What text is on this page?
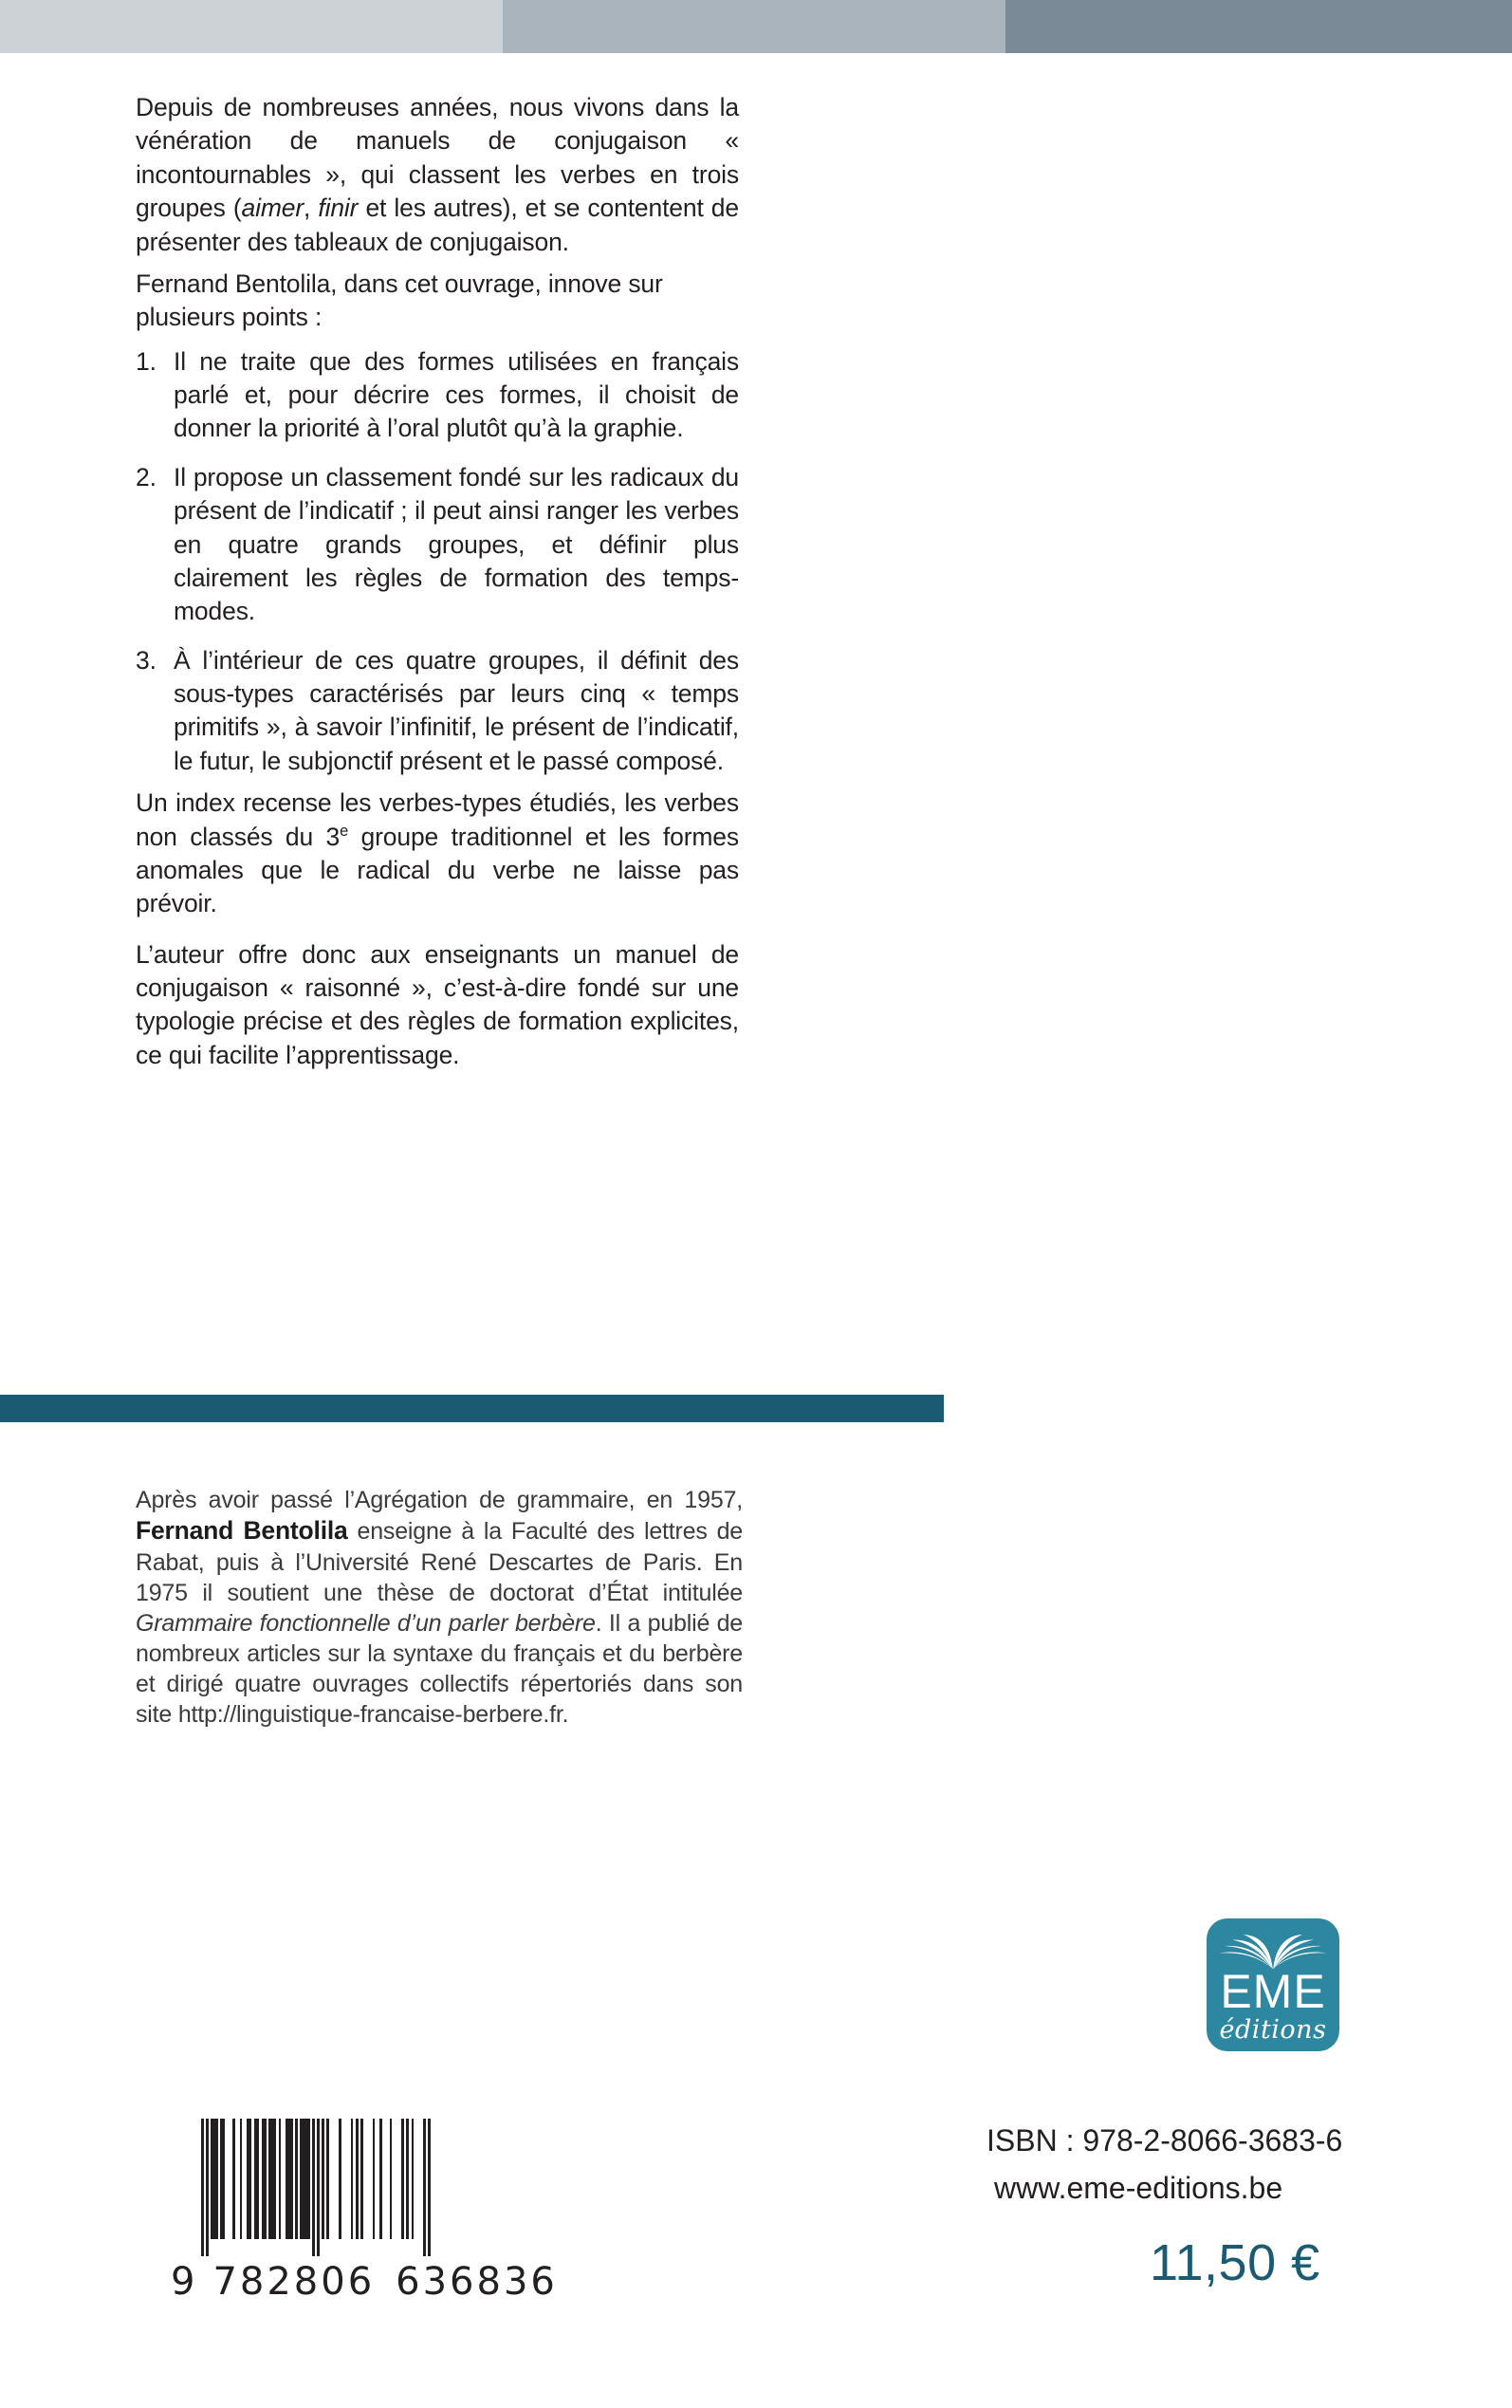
Depuis de nombreuses années, nous vivons dans la vénération de manuels de conjugaison « incontournables », qui classent les verbes en trois groupes (aimer, finir et les autres), et se contentent de présenter des tableaux de conjugaison.

Fernand Bentolila, dans cet ouvrage, innove sur plusieurs points :

1. Il ne traite que des formes utilisées en français parlé et, pour décrire ces formes, il choisit de donner la priorité à l’oral plutôt qu’à la graphie.
2. Il propose un classement fondé sur les radicaux du présent de l’indicatif ; il peut ainsi ranger les verbes en quatre grands groupes, et définir plus clairement les règles de formation des temps-modes.
3. À l’intérieur de ces quatre groupes, il définit des sous-types caractérisés par leurs cinq « temps primitifs », à savoir l’infinitif, le présent de l’indicatif, le futur, le subjonctif présent et le passé composé.

Un index recense les verbes-types étudiés, les verbes non classés du 3e groupe traditionnel et les formes anomales que le radical du verbe ne laisse pas prévoir.

L’auteur offre donc aux enseignants un manuel de conjugaison « raisonné », c’est-à-dire fondé sur une typologie précise et des règles de formation explicites, ce qui facilite l’apprentissage.

Après avoir passé l’Agrégation de grammaire, en 1957, Fernand Bentolila enseigne à la Faculté des lettres de Rabat, puis à l’Université René Descartes de Paris. En 1975 il soutient une thèse de doctorat d’État intitulée Grammaire fonctionnelle d’un parler berbère. Il a publié de nombreux articles sur la syntaxe du français et du berbère et dirigé quatre ouvrages collectifs répertoriés dans son site http://linguistique-francaise-berbere.fr.
EME
éditions
9 782806 636836
ISBN : 978-2-8066-3683-6
www.eme-editions.be
11,50 €
